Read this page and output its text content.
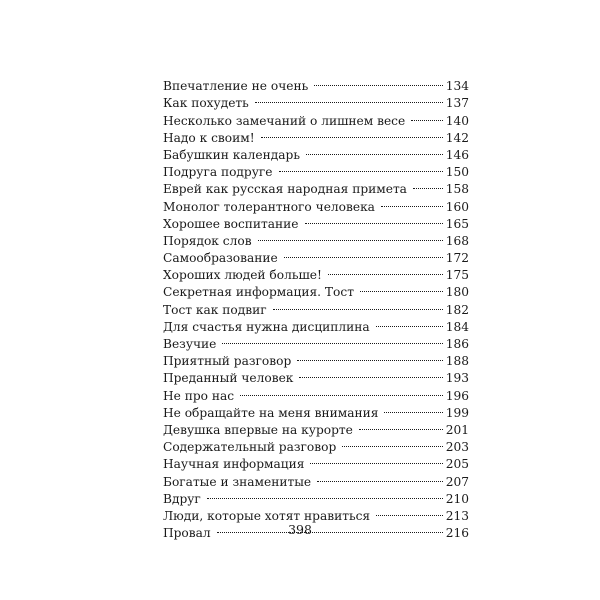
Впечатление не очень	134
Как похудеть	137
Несколько замечаний о лишнем весе	140
Надо к своим!	142
Бабушкин календарь	146
Подруга подруге	150
Еврей как русская народная примета	158
Монолог толерантного человека	160
Хорошее воспитание	165
Порядок слов	168
Самообразование	172
Хороших людей больше!	175
Секретная информация. Тост	180
Тост как подвиг	182
Для счастья нужна дисциплина	184
Везучие	186
Приятный разговор	188
Преданный человек	193
Не про нас	196
Не обращайте на меня внимания	199
Девушка впервые на курорте	201
Содержательный разговор	203
Научная информация	205
Богатые и знаменитые	207
Вдруг	210
Люди, которые хотят нравиться	213
Провал	216
398
